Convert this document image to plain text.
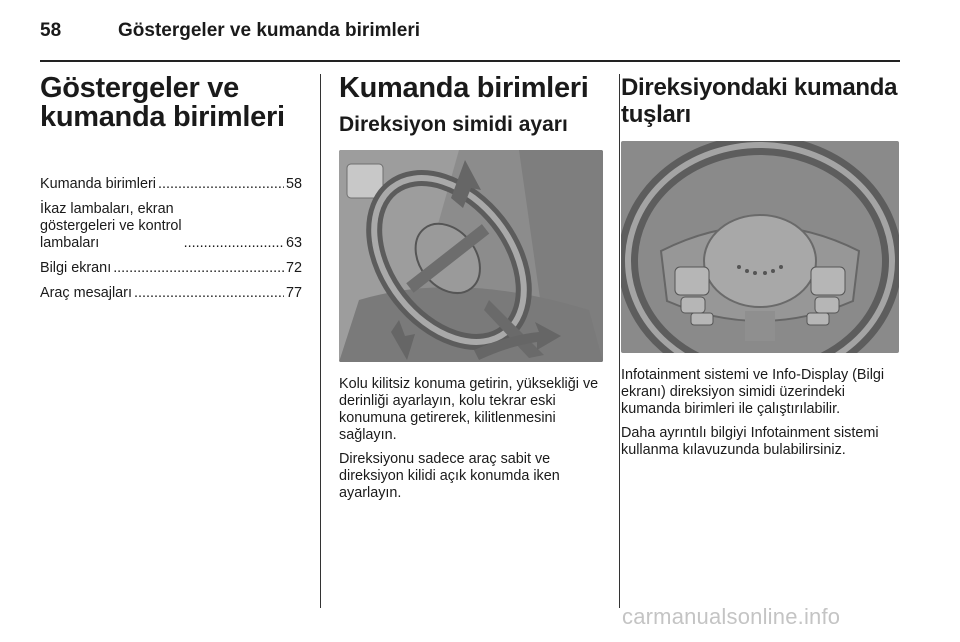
58	Göstergeler ve kumanda birimleri
Göstergeler ve kumanda birimleri
Kumanda birimleri .....	58
İkaz lambaları, ekran
göstergeleri ve kontrol
lambaları .....	63
Bilgi ekranı .....	72
Araç mesajları .....	77
Kumanda birimleri
Direksiyon simidi ayarı

Kolu kilitsiz konuma getirin, yüksekliği ve derinliği ayarlayın, kolu tekrar eski konumuna getirerek, kilitlenmesini sağlayın.

Direksiyonu sadece araç sabit ve direksiyon kilidi açık konumda iken ayarlayın.

Direksiyondaki kumanda tuşları

Infotainment sistemi ve Info-Display (Bilgi ekranı) direksiyon simidi üzerindeki kumanda birimleri ile çalıştırılabilir.

Daha ayrıntılı bilgiyi Infotainment sistemi kullanma kılavuzunda bulabilirsiniz.

carmanualsonline.info
